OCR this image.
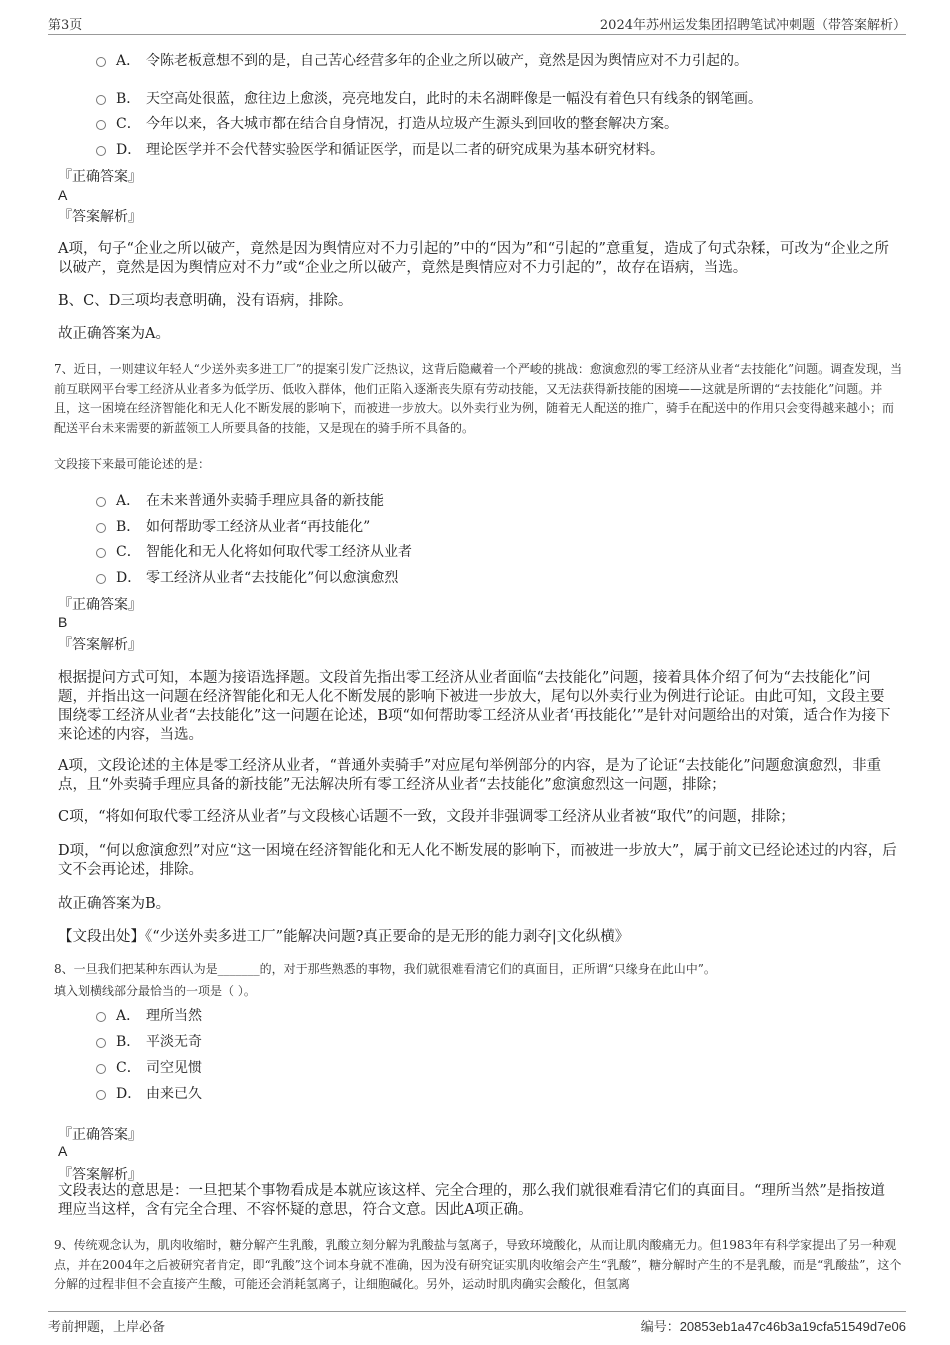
第3页	2024年苏州运发集团招聘笔试冲刺题（带答案解析）
A． 令陈老板意想不到的是，自己苦心经营多年的企业之所以破产，竟然是因为舆情应对不力引起的。
B． 天空高处很蓝，愈往边上愈淡，亮亮地发白，此时的未名湖畔像是一幅没有着色只有线条的钢笔画。
C． 今年以来，各大城市都在结合自身情况，打造从垃圾产生源头到回收的整套解决方案。
D． 理论医学并不会代替实验医学和循证医学，而是以二者的研究成果为基本研究材料。
『正确答案』
A
『答案解析』
A项，句子“企业之所以破产，竟然是因为舆情应对不力引起的”中的“因为”和“引起的”意重复，造成了句式杂糅，可改为“企业之所以破产，竟然是因为舆情应对不力”或“企业之所以破产，竟然是舆情应对不力引起的”，故存在语病，当选。
B、C、D三项均表意明确，没有语病，排除。
故正确答案为A。
7、近日，一则建议年轻人“少送外卖多进工厂”的提案引发广泛热议，这背后隐藏着一个严峻的挑战：愈演愈烈的零工经济从业者“去技能化”问题。调查发现，当前互联网平台零工经济从业者多为低学历、低收入群体，他们正陷入逐渐丧失原有劳动技能，又无法获得新技能的困境——这就是所谓的“去技能化”问题。并且，这一困境在经济智能化和无人化不断发展的影响下，而被进一步放大。以外卖行业为例，随着无人配送的推广，骑手在配送中的作用只会变得越来越小；而配送平台未来需要的新蓝领工人所要具备的技能，又是现在的骑手所不具备的。
文段接下来最可能论述的是：
A． 在未来普通外卖骑手理应具备的新技能
B． 如何帮助零工经济从业者“再技能化”
C． 智能化和无人化将如何取代零工经济从业者
D． 零工经济从业者“去技能化”何以愈演愈烈
『正确答案』
B
『答案解析』
根据提问方式可知，本题为接语选择题。文段首先指出零工经济从业者面临“去技能化”问题，接着具体介绍了何为“去技能化”问题，并指出这一问题在经济智能化和无人化不断发展的影响下被进一步放大，尾句以外卖行业为例进行论证。由此可知，文段主要围绕零工经济从业者“去技能化”这一问题在论述，B项“如何帮助零工经济从业者‘再技能化’”是针对问题给出的对策，适合作为接下来论述的内容，当选。
A项，文段论述的主体是零工经济从业者，“普通外卖骑手”对应尾句举例部分的内容，是为了论证“去技能化”问题愈演愈烈，非重点，且“外卖骑手理应具备的新技能”无法解决所有零工经济从业者“去技能化”愈演愈烈这一问题，排除；
C项，“将如何取代零工经济从业者”与文段核心话题不一致，文段并非强调零工经济从业者被“取代”的问题，排除；
D项，“何以愈演愈烈”对应“这一困境在经济智能化和无人化不断发展的影响下，而被进一步放大”，属于前文已经论述过的内容，后文不会再论述，排除。
故正确答案为B。
【文段出处】《“少送外卖多进工厂”能解决问题?真正要命的是无形的能力剥夺|文化纵横》
8、一旦我们把某种东西认为是_______的，对于那些熟悉的事物，我们就很难看清它们的真面目，正所谓“只缘身在此山中”。
填入划横线部分最恰当的一项是（ ）。
A． 理所当然
B． 平淡无奇
C． 司空见惯
D． 由来已久
『正确答案』
A
『答案解析』
文段表达的意思是：一旦把某个事物看成是本就应该这样、完全合理的，那么我们就很难看清它们的真面目。“理所当然”是指按道理应当这样，含有完全合理、不容怀疑的意思，符合文意。因此A项正确。
9、传统观念认为，肌肉收缩时，糖分解产生乳酸，乳酸立刻分解为乳酸盐与氢离子，导致环境酸化，从而让肌肉酸痛无力。但1983年有科学家提出了另一种观点，并在2004年之后被研究者肯定，即“乳酸”这个词本身就不准确，因为没有研究证实肌肉收缩会产生“乳酸”，糖分解时产生的不是乳酸，而是“乳酸盐”，这个分解的过程非但不会直接产生酸，可能还会消耗氢离子，让细胞碱化。另外，运动时肌肉确实会酸化，但氢离
考前押题，上岸必备	编号：20853eb1a47c46b3a19cfa51549d7e06
